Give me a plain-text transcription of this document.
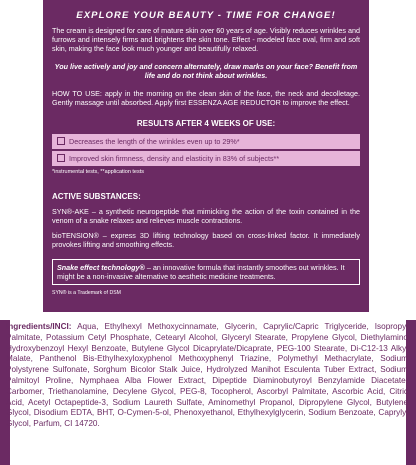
EXPLORE YOUR BEAUTY - TIME FOR CHANGE!

The cream is designed for care of mature skin over 60 years of age. Visibly reduces wrinkles and furrows and intensely firms and brightens the skin tone. Effect - modeled face oval, firm and soft skin, making the face look much younger and beautifully relaxed.

You live actively and joy and concern alternately, draw marks on your face? Benefit from life and do not think about wrinkles.

HOW TO USE: apply in the morning on the clean skin of the face, the neck and decolletage. Gently massage until absorbed. Apply first ESSENZA AGE REDUCTOR to improve the effect.

RESULTS AFTER 4 WEEKS OF USE:
Decreases the length of the wrinkles even up to 29%*
Improved skin firmness, density and elasticity in 83% of subjects**
*instrumental tests, **application tests
ACTIVE SUBSTANCES:

SYN®-AKE – a synthetic neuropeptide that mimicking the action of the toxin contained in the venom of a snake relaxes and relieves muscle contractions.

bioTENSION® – express 3D lifting technology based on cross-linked factor. It immediately provokes lifting and smoothing effects.

Snake effect technology® – an innovative formula that instantly smoothes out wrinkles. It might be a non-invasive alternative to aesthetic medicine treatments.
SYN® is a Trademark of DSM
Ingredients/INCI: Aqua, Ethylhexyl Methoxycinnamate, Glycerin, Caprylic/Capric Triglyceride, Isopropyl Palmitate, Potassium Cetyl Phosphate, Cetearyl Alcohol, Glyceryl Stearate, Propylene Glycol, Diethylamino Hydroxybenzoyl Hexyl Benzoate, Butylene Glycol Dicaprylate/Dicaprate, PEG-100 Stearate, Di-C12-13 Alkyl Malate, Panthenol Bis-Ethylhexyloxyphenol Methoxyphenyl Triazine, Polymethyl Methacrylate, Sodium Polystyrene Sulfonate, Sorghum Bicolor Stalk Juice, Hydrolyzed Manihot Esculenta Tuber Extract, Sodium Palmitoyl Proline, Nymphaea Alba Flower Extract, Dipeptide Diaminobutyroyl Benzylamide Diacetate, Carbomer, Triethanolamine, Decylene Glycol, PEG-8, Tocopherol, Ascorbyl Palmitate, Ascorbic Acid, Citric Acid, Acetyl Octapeptide-3, Sodium Laureth Sulfate, Aminomethyl Propanol, Dipropylene Glycol, Butylene Glycol, Disodium EDTA, BHT, O-Cymen-5-ol, Phenoxyethanol, Ethylhexylglycerin, Sodium Benzoate, Caprylyl Glycol, Parfum, CI 14720.
